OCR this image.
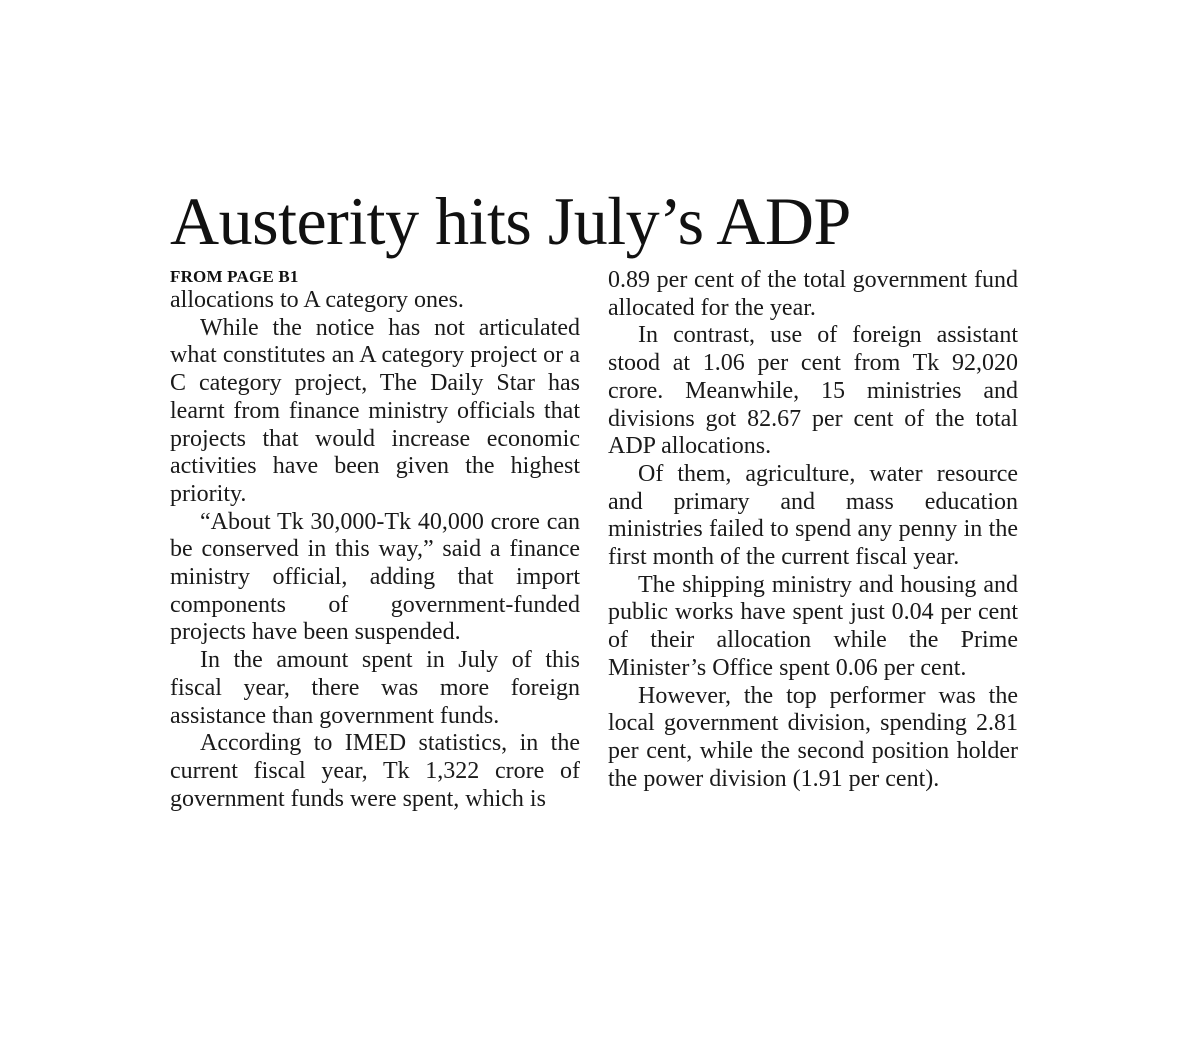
Austerity hits July’s ADP
FROM PAGE B1

allocations to A category ones.

While the notice has not articulated what constitutes an A category project or a C category project, The Daily Star has learnt from finance ministry officials that projects that would increase economic activities have been given the highest priority.

“About Tk 30,000-Tk 40,000 crore can be conserved in this way,” said a finance ministry official, adding that import components of government-funded projects have been suspended.

In the amount spent in July of this fiscal year, there was more foreign assistance than government funds.

According to IMED statistics, in the current fiscal year, Tk 1,322 crore of government funds were spent, which is

0.89 per cent of the total government fund allocated for the year.

In contrast, use of foreign assistant stood at 1.06 per cent from Tk 92,020 crore. Meanwhile, 15 ministries and divisions got 82.67 per cent of the total ADP allocations.

Of them, agriculture, water resource and primary and mass education ministries failed to spend any penny in the first month of the current fiscal year.

The shipping ministry and housing and public works have spent just 0.04 per cent of their allocation while the Prime Minister’s Office spent 0.06 per cent.

However, the top performer was the local government division, spending 2.81 per cent, while the second position holder the power division (1.91 per cent).
